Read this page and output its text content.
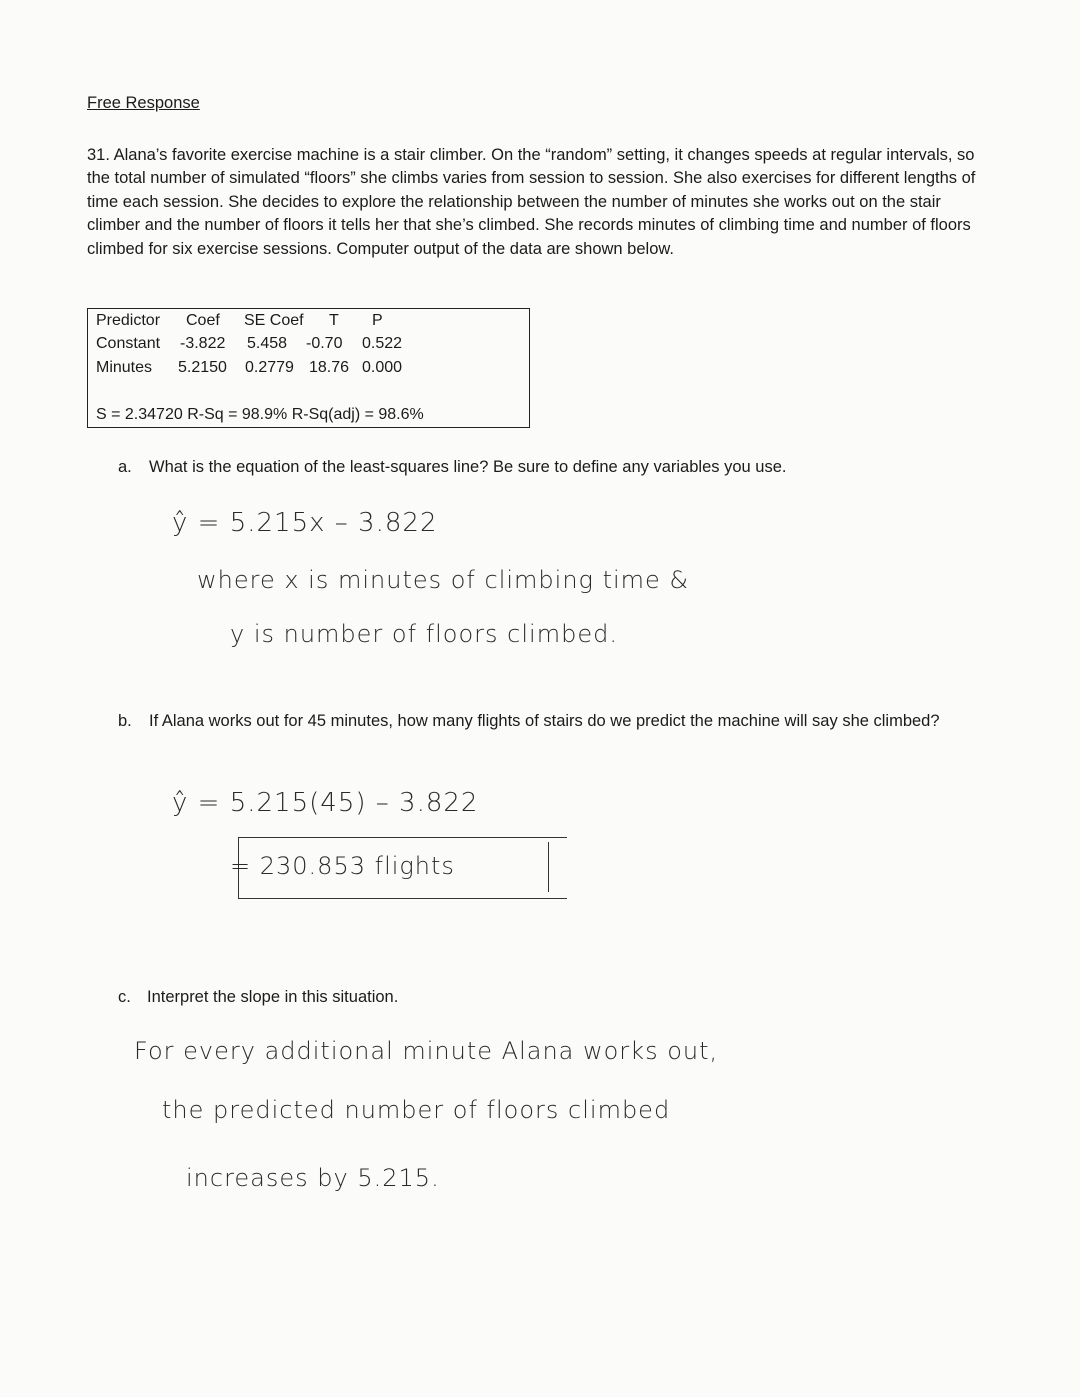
Free Response
31. Alana’s favorite exercise machine is a stair climber. On the “random” setting, it changes speeds at regular intervals, so the total number of simulated “floors” she climbs varies from session to session. She also exercises for different lengths of time each session. She decides to explore the relationship between the number of minutes she works out on the stair climber and the number of floors it tells her that she’s climbed. She records minutes of climbing time and number of floors climbed for six exercise sessions. Computer output of the data are shown below.

Predictor

Coef

SE Coef

T

P

Constant

-3.822

5.458

-0.70

0.522

Minutes

5.2150

0.2779

18.76

0.000

S = 2.34720 R-Sq = 98.9% R-Sq(adj) = 98.6%

a. What is the equation of the least-squares line? Be sure to define any variables you use.
ŷ = 5.215x – 3.822
where x is minutes of climbing time &
y is number of floors climbed.
b. If Alana works out for 45 minutes, how many flights of stairs do we predict the machine will say she climbed?
ŷ = 5.215(45) – 3.822
= 230.853 flights
c. Interpret the slope in this situation.
For every additional minute Alana works out,
the predicted number of floors climbed
increases by 5.215.
